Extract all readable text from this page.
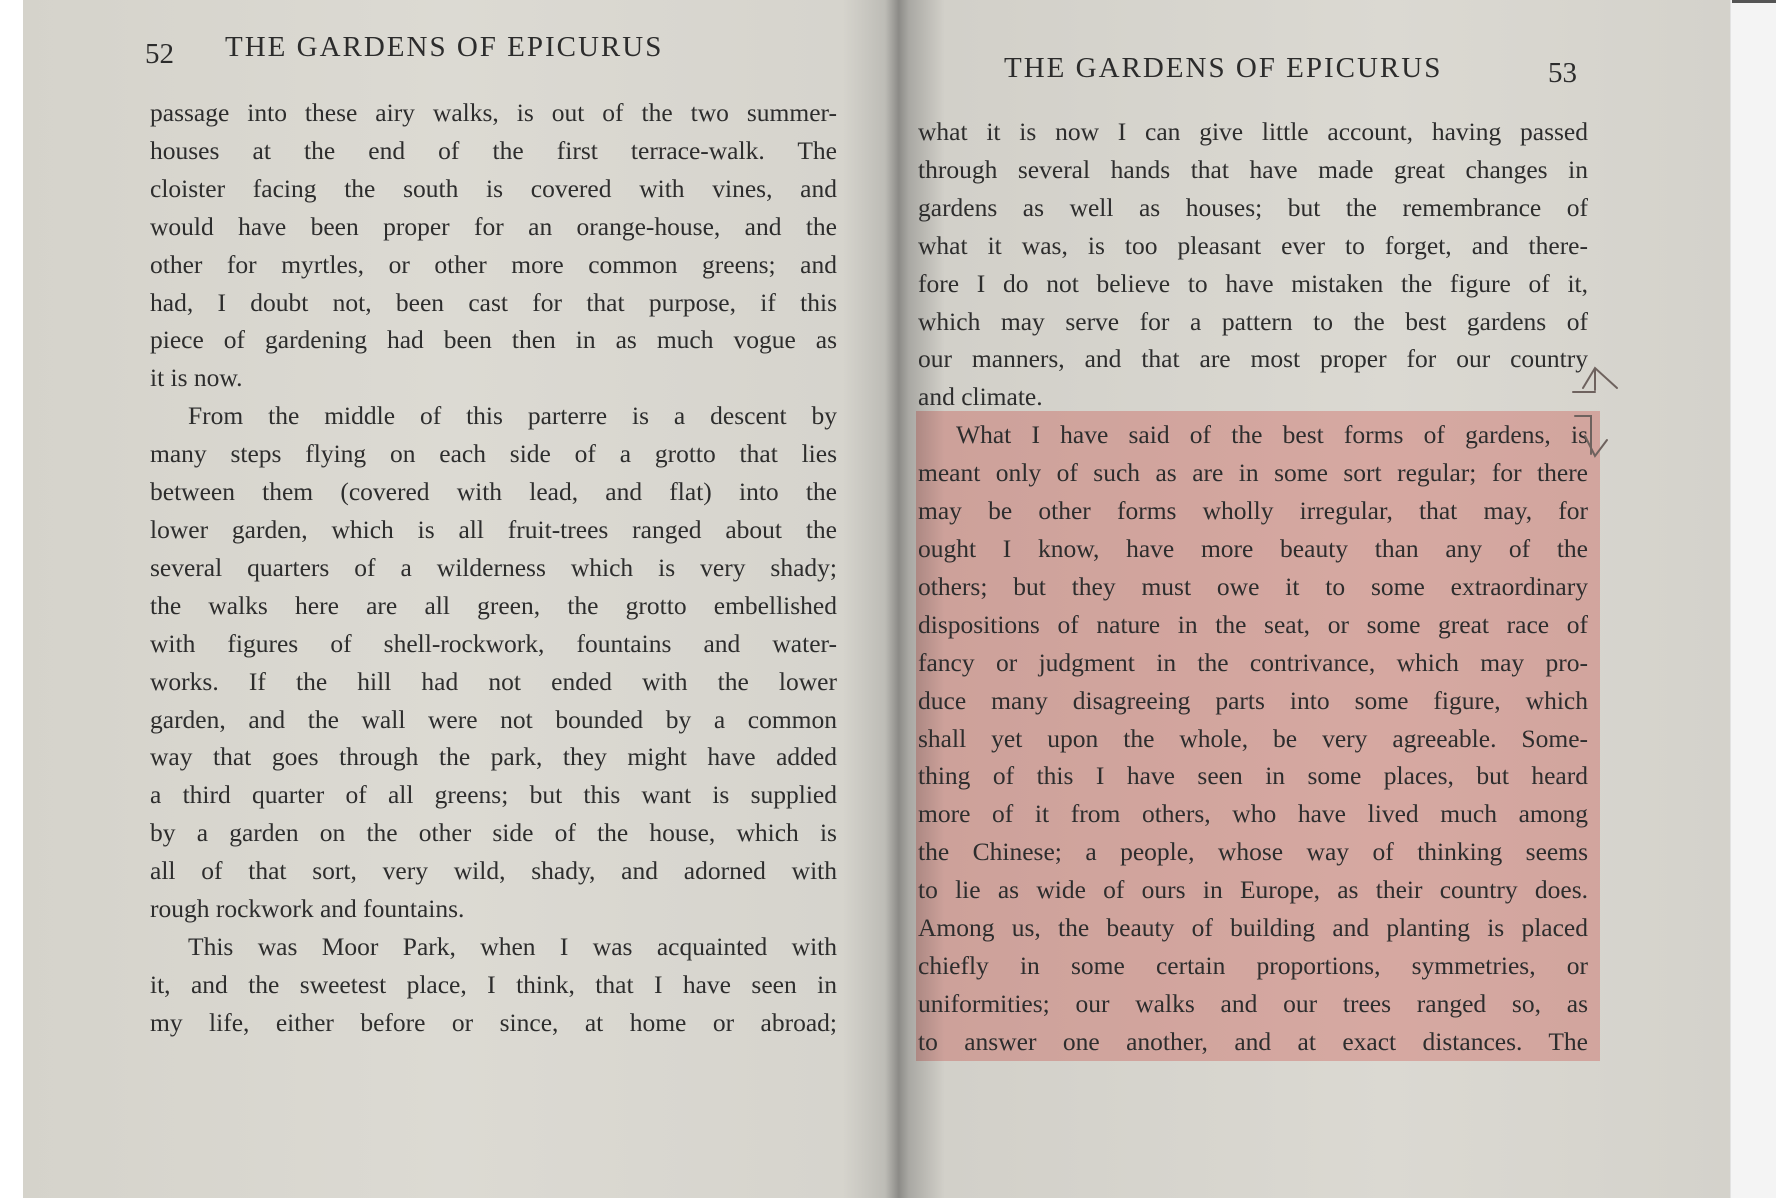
52 THE GARDENS OF EPICURUS
passage into these airy walks, is out of the two summer-
houses at the end of the first terrace-walk. The
cloister facing the south is covered with vines, and
would have been proper for an orange-house, and the
other for myrtles, or other more common greens; and
had, I doubt not, been cast for that purpose, if this
piece of gardening had been then in as much vogue as
it is now.
From the middle of this parterre is a descent by
many steps flying on each side of a grotto that lies
between them (covered with lead, and flat) into the
lower garden, which is all fruit-trees ranged about the
several quarters of a wilderness which is very shady;
the walks here are all green, the grotto embellished
with figures of shell-rockwork, fountains and water-
works. If the hill had not ended with the lower
garden, and the wall were not bounded by a common
way that goes through the park, they might have added
a third quarter of all greens; but this want is supplied
by a garden on the other side of the house, which is
all of that sort, very wild, shady, and adorned with
rough rockwork and fountains.
This was Moor Park, when I was acquainted with
it, and the sweetest place, I think, that I have seen in
my life, either before or since, at home or abroad;
THE GARDENS OF EPICURUS	53
what it is now I can give little account, having passed
through several hands that have made great changes in
gardens as well as houses; but the remembrance of
what it was, is too pleasant ever to forget, and there-
fore I do not believe to have mistaken the figure of it,
which may serve for a pattern to the best gardens of
our manners, and that are most proper for our country
and climate.
What I have said of the best forms of gardens, is
meant only of such as are in some sort regular; for there
may be other forms wholly irregular, that may, for
ought I know, have more beauty than any of the
others; but they must owe it to some extraordinary
dispositions of nature in the seat, or some great race of
fancy or judgment in the contrivance, which may pro-
duce many disagreeing parts into some figure, which
shall yet upon the whole, be very agreeable. Some-
thing of this I have seen in some places, but heard
more of it from others, who have lived much among
the Chinese; a people, whose way of thinking seems
to lie as wide of ours in Europe, as their country does.
Among us, the beauty of building and planting is placed
chiefly in some certain proportions, symmetries, or
uniformities; our walks and our trees ranged so, as
to answer one another, and at exact distances. The
